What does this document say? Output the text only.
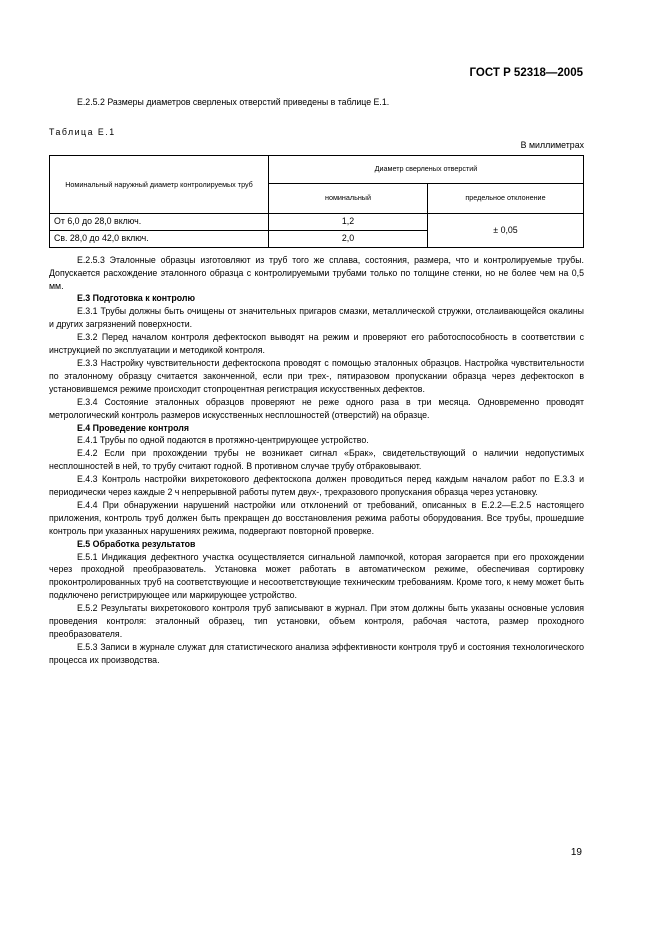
ГОСТ Р 52318—2005

Е.2.5.2 Размеры диаметров сверленых отверстий приведены в таблице Е.1.

Таблица Е.1
В миллиметрах
Номинальный наружный диаметр контролируемых труб	Диаметр сверленых отверстий	
	номинальный	предельное отклонение
От 6,0 до 28,0 включ.	1,2	± 0,05
Св. 28,0 до 42,0 включ.	2,0	

Е.2.5.3 Эталонные образцы изготовляют из труб того же сплава, состояния, размера, что и контролируемые трубы. Допускается расхождение эталонного образца с контролируемыми трубами только по толщине стенки, но не более чем на 0,5 мм.

Е.3 Подготовка к контролю

Е.3.1 Трубы должны быть очищены от значительных пригаров смазки, металлической стружки, отслаивающейся окалины и других загрязнений поверхности.

Е.3.2 Перед началом контроля дефектоскоп выводят на режим и проверяют его работоспособность в соответствии с инструкцией по эксплуатации и методикой контроля.

Е.3.3 Настройку чувствительности дефектоскопа проводят с помощью эталонных образцов. Настройка чувствительности по эталонному образцу считается законченной, если при трех-, пятиразовом пропускании образца через дефектоскоп в установившемся режиме происходит стопроцентная регистрация искусственных дефектов.

Е.3.4 Состояние эталонных образцов проверяют не реже одного раза в три месяца. Одновременно проводят метрологический контроль размеров искусственных несплошностей (отверстий) на образце.

Е.4 Проведение контроля

Е.4.1 Трубы по одной подаются в протяжно-центрирующее устройство.

Е.4.2 Если при прохождении трубы не возникает сигнал «Брак», свидетельствующий о наличии недопустимых несплошностей в ней, то трубу считают годной. В противном случае трубу отбраковывают.

Е.4.3 Контроль настройки вихретокового дефектоскопа должен проводиться перед каждым началом работ по Е.3.3 и периодически через каждые 2 ч непрерывной работы путем двух-, трехразового пропускания образца через установку.

Е.4.4 При обнаружении нарушений настройки или отклонений от требований, описанных в Е.2.2—Е.2.5 настоящего приложения, контроль труб должен быть прекращен до восстановления режима работы оборудования. Все трубы, прошедшие контроль при указанных нарушениях режима, подвергают повторной проверке.

Е.5 Обработка результатов

Е.5.1 Индикация дефектного участка осуществляется сигнальной лампочкой, которая загорается при его прохождении через проходной преобразователь. Установка может работать в автоматическом режиме, обеспечивая сортировку проконтролированных труб на соответствующие и несоответствующие техническим требованиям. Кроме того, к нему может быть подключено регистрирующее или маркирующее устройство.

Е.5.2 Результаты вихретокового контроля труб записывают в журнал. При этом должны быть указаны основные условия проведения контроля: эталонный образец, тип установки, объем контроля, рабочая частота, размер проходного преобразователя.

Е.5.3 Записи в журнале служат для статистического анализа эффективности контроля труб и состояния технологического процесса их производства.

19
